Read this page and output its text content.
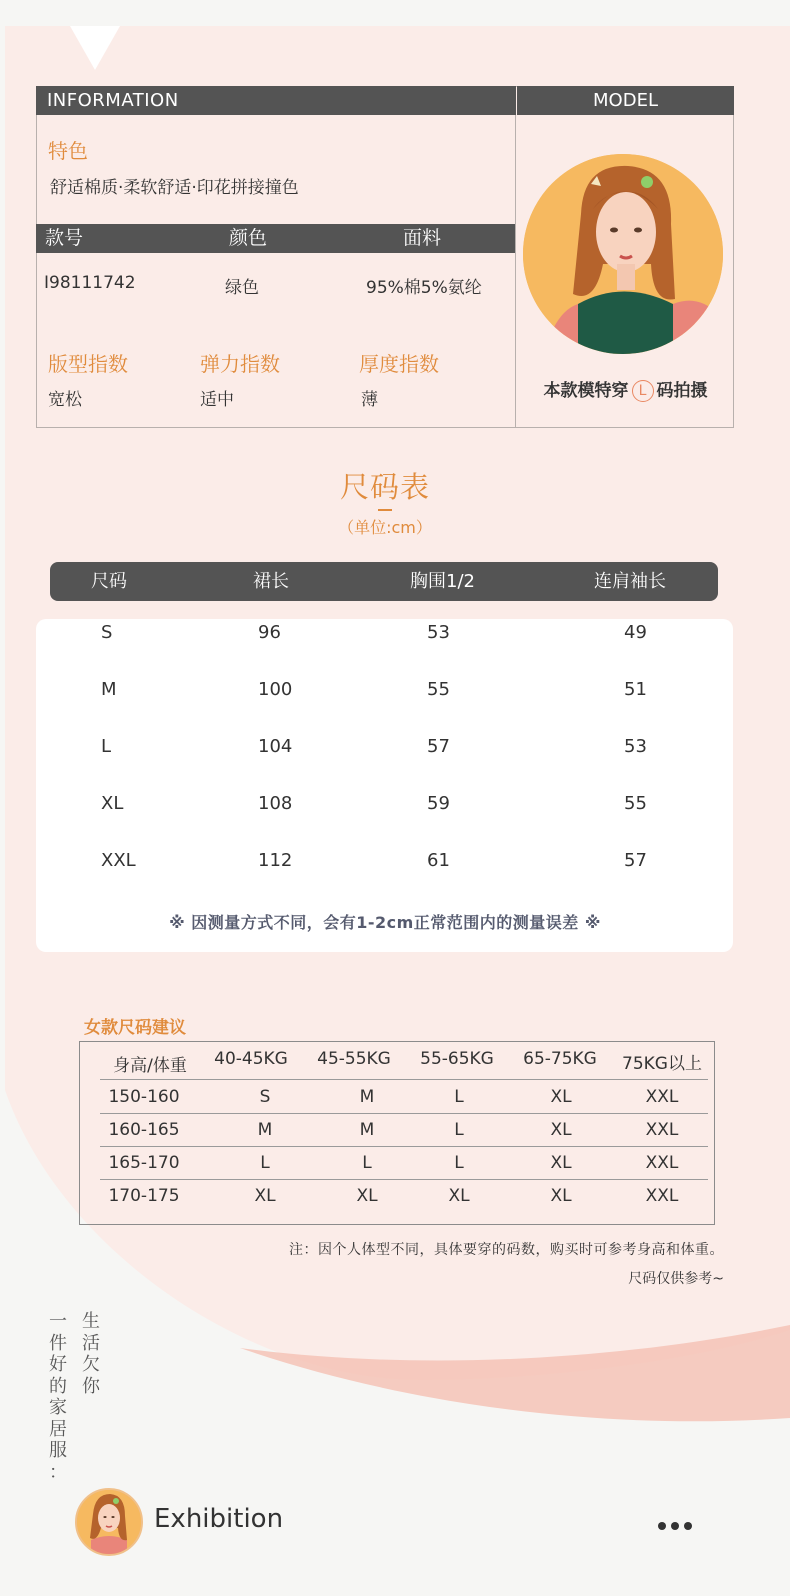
INFORMATION	MODEL
特色
舒适棉质·柔软舒适·印花拼接撞色
款号	颜色	面料
I98111742	绿色	95%棉5%氨纶
版型指数	弹力指数	厚度指数
宽松	适中	薄	本款模特穿 L 码拍摄
尺码表
（单位:cm）
尺码	裙长	胸围1/2	连肩袖长
S	96	53	49
M	100	55	51
L	104	57	53
XL	108	59	55
XXL	112	61	57
※ 因测量方式不同，会有1-2cm正常范围内的测量误差 ※
女款尺码建议
身高/体重	40-45KG	45-55KG	55-65KG	65-75KG	75KG以上
150-160	S	M	L	XL	XXL
160-165	M	M	L	XL	XXL
165-170	L	L	L	XL	XXL
170-175	XL	XL	XL	XL	XXL
注：因个人体型不同，具体要穿的码数，购买时可参考身高和体重。
尺码仅供参考~
生
活
欠
你
一
件
好
的
家
居
服
：
Exhibition
